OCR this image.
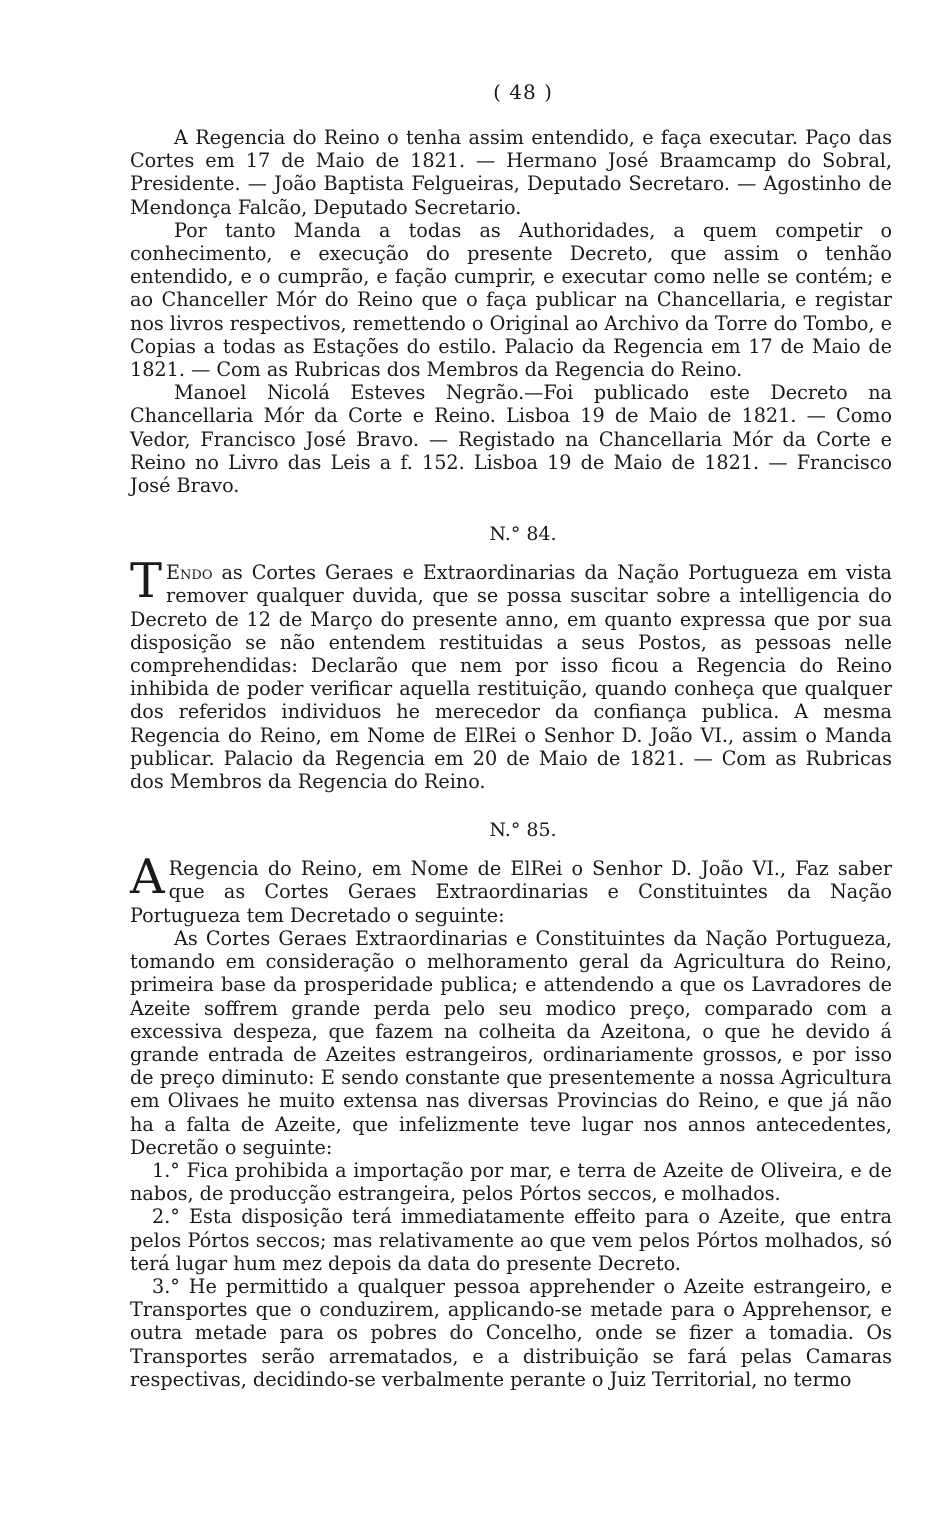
( 48 )

A Regencia do Reino o tenha assim entendido, e faça executar. Paço das Cortes em 17 de Maio de 1821. — Hermano José Braamcamp do Sobral, Presidente. — João Baptista Felgueiras, Deputado Secretaro. — Agostinho de Mendonça Falcão, Deputado Secretario.

Por tanto Manda a todas as Authoridades, a quem competir o conhecimento, e execução do presente Decreto, que assim o tenhão entendido, e o cumprão, e fação cumprir, e executar como nelle se contém; e ao Chanceller Mór do Reino que o faça publicar na Chancellaria, e registar nos livros respectivos, remettendo o Original ao Archivo da Torre do Tombo, e Copias a todas as Estações do estilo. Palacio da Regencia em 17 de Maio de 1821. — Com as Rubricas dos Membros da Regencia do Reino.

Manoel Nicolá Esteves Negrão.—Foi publicado este Decreto na Chancellaria Mór da Corte e Reino. Lisboa 19 de Maio de 1821. — Como Vedor, Francisco José Bravo. — Registado na Chancellaria Mór da Corte e Reino no Livro das Leis a f. 152. Lisboa 19 de Maio de 1821. — Francisco José Bravo.

N.° 84.

T Endo as Cortes Geraes e Extraordinarias da Nação Portugueza em vista remover qualquer duvida, que se possa suscitar sobre a intelligencia do Decreto de 12 de Março do presente anno, em quanto expressa que por sua disposição se não entendem restituidas a seus Postos, as pessoas nelle comprehendidas: Declarão que nem por isso ficou a Regencia do Reino inhibida de poder verificar aquella restituição, quando conheça que qualquer dos referidos individuos he merecedor da confiança publica. A mesma Regencia do Reino, em Nome de ElRei o Senhor D. João VI., assim o Manda publicar. Palacio da Regencia em 20 de Maio de 1821. — Com as Rubricas dos Membros da Regencia do Reino.

N.° 85.

A Regencia do Reino, em Nome de ElRei o Senhor D. João VI., Faz saber que as Cortes Geraes Extraordinarias e Constituintes da Nação Portugueza tem Decretado o seguinte:

As Cortes Geraes Extraordinarias e Constituintes da Nação Portugueza, tomando em consideração o melhoramento geral da Agricultura do Reino, primeira base da prosperidade publica; e attendendo a que os Lavradores de Azeite soffrem grande perda pelo seu modico preço, comparado com a excessiva despeza, que fazem na colheita da Azeitona, o que he devido á grande entrada de Azeites estrangeiros, ordinariamente grossos, e por isso de preço diminuto: E sendo constante que presentemente a nossa Agricultura em Olivaes he muito extensa nas diversas Provincias do Reino, e que já não ha a falta de Azeite, que infelizmente teve lugar nos annos antecedentes, Decretão o seguinte:

1.° Fica prohibida a importação por mar, e terra de Azeite de Oliveira, e de nabos, de producção estrangeira, pelos Pórtos seccos, e molhados.

2.° Esta disposição terá immediatamente effeito para o Azeite, que entra pelos Pórtos seccos; mas relativamente ao que vem pelos Pórtos molhados, só terá lugar hum mez depois da data do presente Decreto.

3.° He permittido a qualquer pessoa apprehender o Azeite estrangeiro, e Transportes que o conduzirem, applicando-se metade para o Apprehensor, e outra metade para os pobres do Concelho, onde se fizer a tomadia. Os Transportes serão arrematados, e a distribuição se fará pelas Camaras respectivas, decidindo-se verbalmente perante o Juiz Territorial, no termo
